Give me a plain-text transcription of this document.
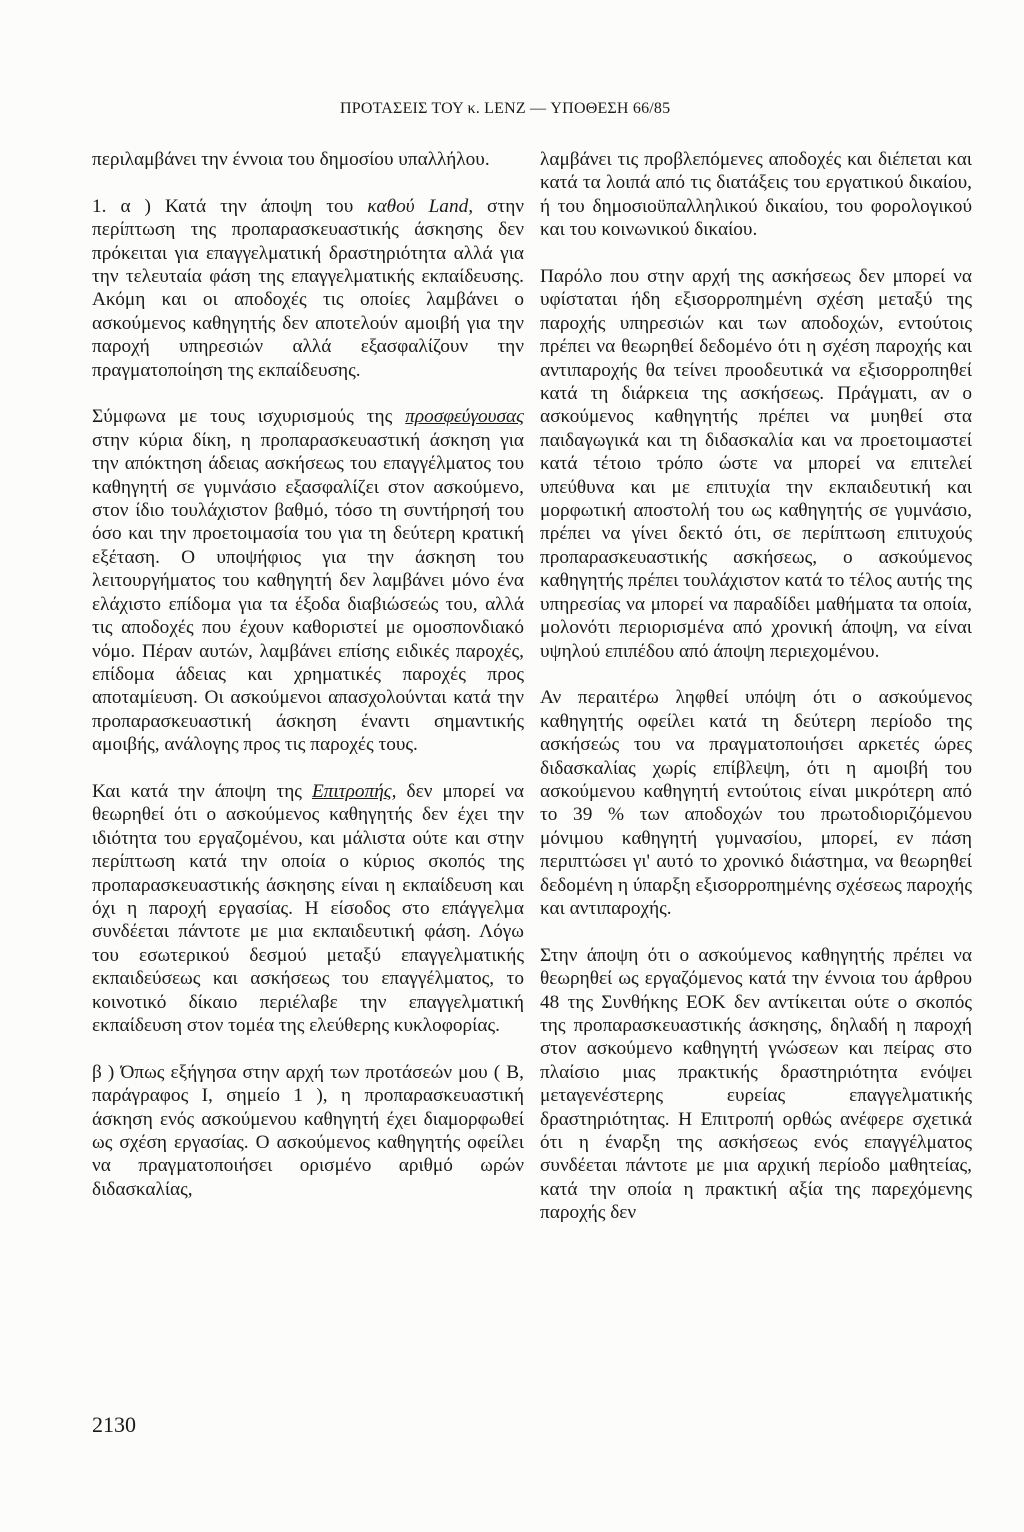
ΠΡΟΤΑΣΕΙΣ ΤΟΥ κ. LENZ — ΥΠΟΘΕΣΗ 66/85

περιλαμβάνει την έννοια του δημοσίου υπαλλήλου.

1. α ) Κατά την άποψη του καθού Land, στην περίπτωση της προπαρασκευαστικής άσκησης δεν πρόκειται για επαγγελματική δραστηριότητα αλλά για την τελευταία φάση της επαγγελματικής εκπαίδευσης. Ακόμη και οι αποδοχές τις οποίες λαμβάνει ο ασκούμενος καθηγητής δεν αποτελούν αμοιβή για την παροχή υπηρεσιών αλλά εξασφαλίζουν την πραγματοποίηση της εκπαίδευσης.

Σύμφωνα με τους ισχυρισμούς της προσφεύγουσας στην κύρια δίκη, η προπαρασκευαστική άσκηση για την απόκτηση άδειας ασκήσεως του επαγγέλματος του καθηγητή σε γυμνάσιο εξασφαλίζει στον ασκούμενο, στον ίδιο τουλάχιστον βαθμό, τόσο τη συντήρησή του όσο και την προετοιμασία του για τη δεύτερη κρατική εξέταση. Ο υποψήφιος για την άσκηση του λειτουργήματος του καθηγητή δεν λαμβάνει μόνο ένα ελάχιστο επίδομα για τα έξοδα διαβιώσεώς του, αλλά τις αποδοχές που έχουν καθοριστεί με ομοσπονδιακό νόμο. Πέραν αυτών, λαμβάνει επίσης ειδικές παροχές, επίδομα άδειας και χρηματικές παροχές προς αποταμίευση. Οι ασκούμενοι απασχολούνται κατά την προπαρασκευαστική άσκηση έναντι σημαντικής αμοιβής, ανάλογης προς τις παροχές τους.

Και κατά την άποψη της Επιτροπής, δεν μπορεί να θεωρηθεί ότι ο ασκούμενος καθηγητής δεν έχει την ιδιότητα του εργαζομένου, και μάλιστα ούτε και στην περίπτωση κατά την οποία ο κύριος σκοπός της προπαρασκευαστικής άσκησης είναι η εκπαίδευση και όχι η παροχή εργασίας. Η είσοδος στο επάγγελμα συνδέεται πάντοτε με μια εκπαιδευτική φάση. Λόγω του εσωτερικού δεσμού μεταξύ επαγγελματικής εκπαιδεύσεως και ασκήσεως του επαγγέλματος, το κοινοτικό δίκαιο περιέλαβε την επαγγελματική εκπαίδευση στον τομέα της ελεύθερης κυκλοφορίας.

β ) Όπως εξήγησα στην αρχή των προτάσεών μου ( Β, παράγραφος Ι, σημείο 1 ), η προπαρασκευαστική άσκηση ενός ασκούμενου καθηγητή έχει διαμορφωθεί ως σχέση εργασίας. Ο ασκούμενος καθηγητής οφείλει να πραγματοποιήσει ορισμένο αριθμό ωρών διδασκαλίας,

λαμβάνει τις προβλεπόμενες αποδοχές και διέπεται και κατά τα λοιπά από τις διατάξεις του εργατικού δικαίου, ή του δημοσιοϋπαλληλικού δικαίου, του φορολογικού και του κοινωνικού δικαίου.

Παρόλο που στην αρχή της ασκήσεως δεν μπορεί να υφίσταται ήδη εξισορροπημένη σχέση μεταξύ της παροχής υπηρεσιών και των αποδοχών, εντούτοις πρέπει να θεωρηθεί δεδομένο ότι η σχέση παροχής και αντιπαροχής θα τείνει προοδευτικά να εξισορροπηθεί κατά τη διάρκεια της ασκήσεως. Πράγματι, αν ο ασκούμενος καθηγητής πρέπει να μυηθεί στα παιδαγωγικά και τη διδασκαλία και να προετοιμαστεί κατά τέτοιο τρόπο ώστε να μπορεί να επιτελεί υπεύθυνα και με επιτυχία την εκπαιδευτική και μορφωτική αποστολή του ως καθηγητής σε γυμνάσιο, πρέπει να γίνει δεκτό ότι, σε περίπτωση επιτυχούς προπαρασκευαστικής ασκήσεως, ο ασκούμενος καθηγητής πρέπει τουλάχιστον κατά το τέλος αυτής της υπηρεσίας να μπορεί να παραδίδει μαθήματα τα οποία, μολονότι περιορισμένα από χρονική άποψη, να είναι υψηλού επιπέδου από άποψη περιεχομένου.

Αν περαιτέρω ληφθεί υπόψη ότι ο ασκούμενος καθηγητής οφείλει κατά τη δεύτερη περίοδο της ασκήσεώς του να πραγματοποιήσει αρκετές ώρες διδασκαλίας χωρίς επίβλεψη, ότι η αμοιβή του ασκούμενου καθηγητή εντούτοις είναι μικρότερη από το 39 % των αποδοχών του πρωτοδιοριζόμενου μόνιμου καθηγητή γυμνασίου, μπορεί, εν πάση περιπτώσει γι' αυτό το χρονικό διάστημα, να θεωρηθεί δεδομένη η ύπαρξη εξισορροπημένης σχέσεως παροχής και αντιπαροχής.

Στην άποψη ότι ο ασκούμενος καθηγητής πρέπει να θεωρηθεί ως εργαζόμενος κατά την έννοια του άρθρου 48 της Συνθήκης ΕΟΚ δεν αντίκειται ούτε ο σκοπός της προπαρασκευαστικής άσκησης, δηλαδή η παροχή στον ασκούμενο καθηγητή γνώσεων και πείρας στο πλαίσιο μιας πρακτικής δραστηριότητα ενόψει μεταγενέστερης ευρείας επαγγελματικής δραστηριότητας. Η Επιτροπή ορθώς ανέφερε σχετικά ότι η έναρξη της ασκήσεως ενός επαγγέλματος συνδέεται πάντοτε με μια αρχική περίοδο μαθητείας, κατά την οποία η πρακτική αξία της παρεχόμενης παροχής δεν

2130
